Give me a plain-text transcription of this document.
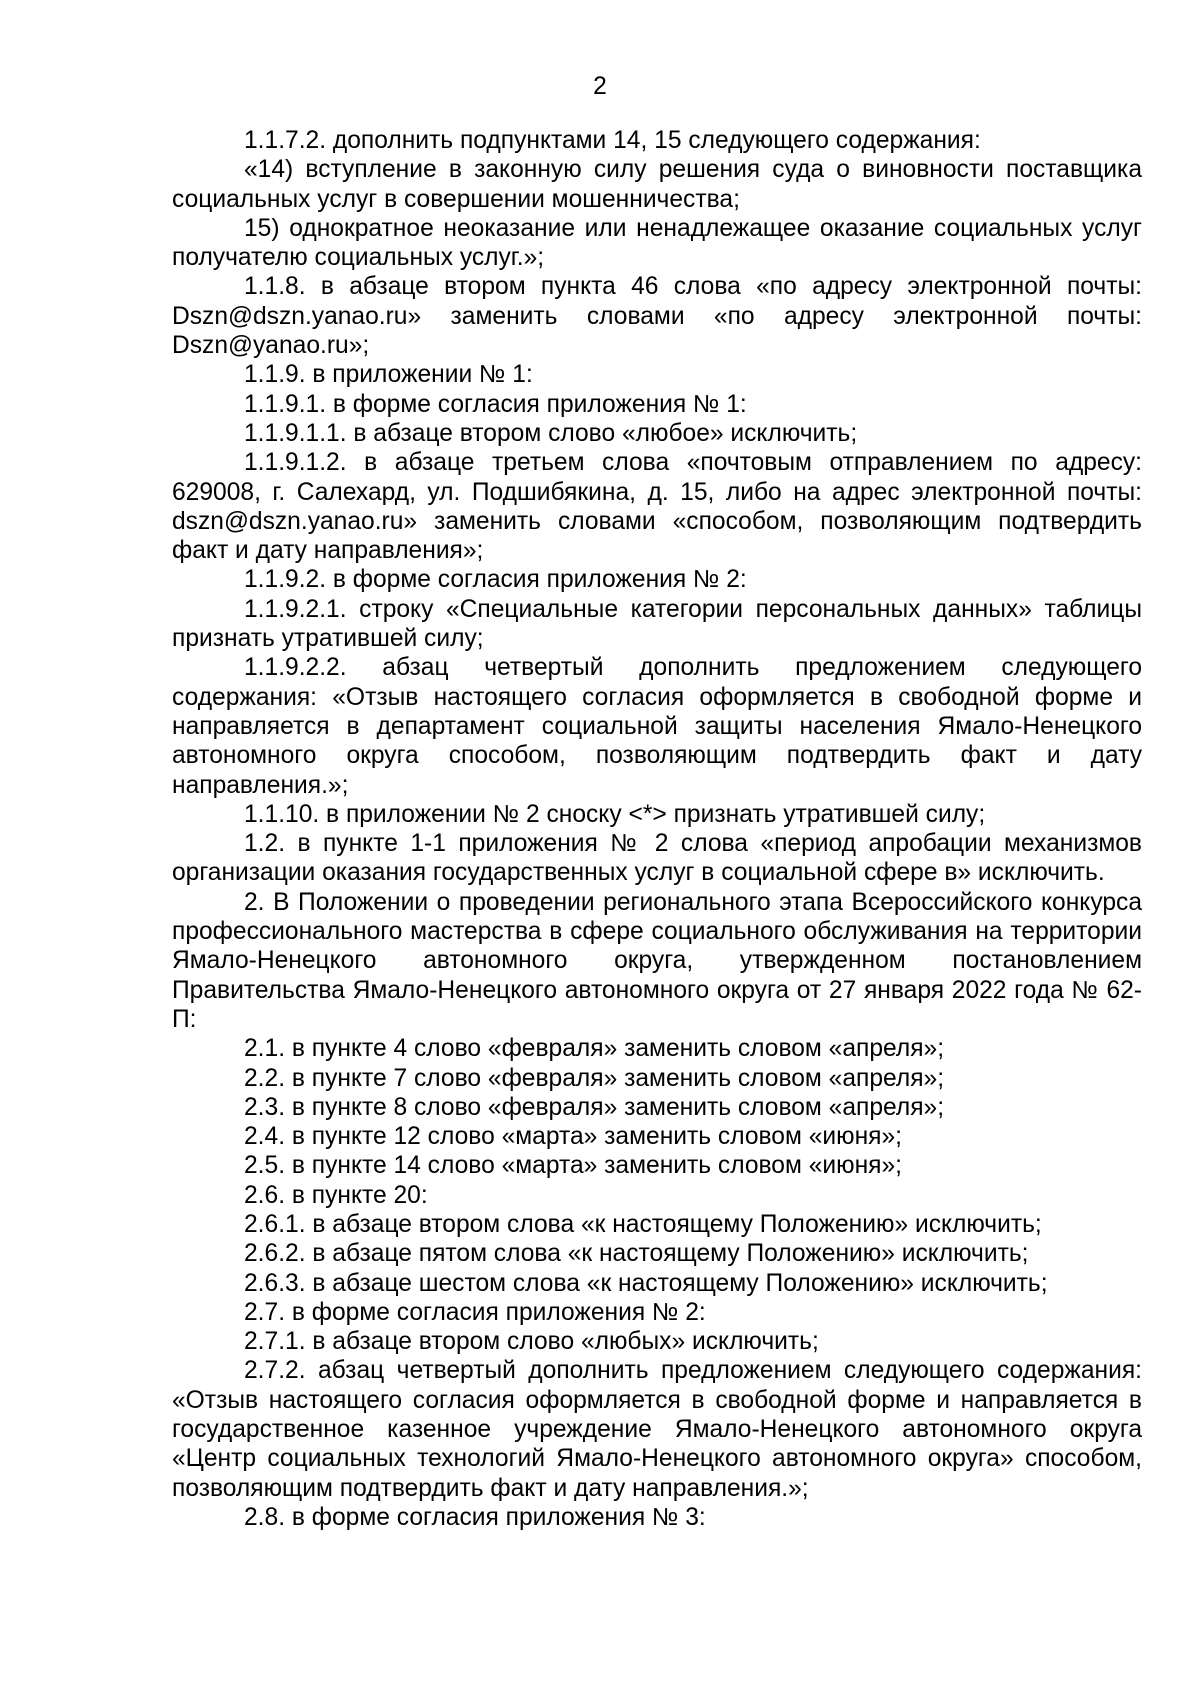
2

1.1.7.2. дополнить подпунктами 14, 15 следующего содержания:

«14) вступление в законную силу решения суда о виновности поставщика социальных услуг в совершении мошенничества;

15) однократное неоказание или ненадлежащее оказание социальных услуг получателю социальных услуг.»;

1.1.8. в абзаце втором пункта 46 слова «по адресу электронной почты: Dszn@dszn.yanao.ru» заменить словами «по адресу электронной почты: Dszn@yanao.ru»;

1.1.9. в приложении № 1:

1.1.9.1. в форме согласия приложения № 1:

1.1.9.1.1. в абзаце втором слово «любое» исключить;

1.1.9.1.2. в абзаце третьем слова «почтовым отправлением по адресу: 629008, г. Салехард, ул. Подшибякина, д. 15, либо на адрес электронной почты: dszn@dszn.yanao.ru» заменить словами «способом, позволяющим подтвердить факт и дату направления»;

1.1.9.2. в форме согласия приложения № 2:

1.1.9.2.1. строку «Специальные категории персональных данных» таблицы признать утратившей силу;

1.1.9.2.2. абзац четвертый дополнить предложением следующего содержания: «Отзыв настоящего согласия оформляется в свободной форме и направляется в департамент социальной защиты населения Ямало-Ненецкого автономного округа способом, позволяющим подтвердить факт и дату направления.»;

1.1.10. в приложении № 2 сноску <*> признать утратившей силу;

1.2. в пункте 1-1 приложения № 2 слова «период апробации механизмов организации оказания государственных услуг в социальной сфере в» исключить.

2. В Положении о проведении регионального этапа Всероссийского конкурса профессионального мастерства в сфере социального обслуживания на территории Ямало-Ненецкого автономного округа, утвержденном постановлением Правительства Ямало-Ненецкого автономного округа от 27 января 2022 года № 62-П:

2.1. в пункте 4 слово «февраля» заменить словом «апреля»;

2.2. в пункте 7 слово «февраля» заменить словом «апреля»;

2.3. в пункте 8 слово «февраля» заменить словом «апреля»;

2.4. в пункте 12 слово «марта» заменить словом «июня»;

2.5. в пункте 14 слово «марта» заменить словом «июня»;

2.6. в пункте 20:

2.6.1. в абзаце втором слова «к настоящему Положению» исключить;

2.6.2. в абзаце пятом слова «к настоящему Положению» исключить;

2.6.3. в абзаце шестом слова «к настоящему Положению» исключить;

2.7. в форме согласия приложения № 2:

2.7.1. в абзаце втором слово «любых» исключить;

2.7.2. абзац четвертый дополнить предложением следующего содержания: «Отзыв настоящего согласия оформляется в свободной форме и направляется в государственное казенное учреждение Ямало-Ненецкого автономного округа «Центр социальных технологий Ямало-Ненецкого автономного округа» способом, позволяющим подтвердить факт и дату направления.»;

2.8. в форме согласия приложения № 3:
